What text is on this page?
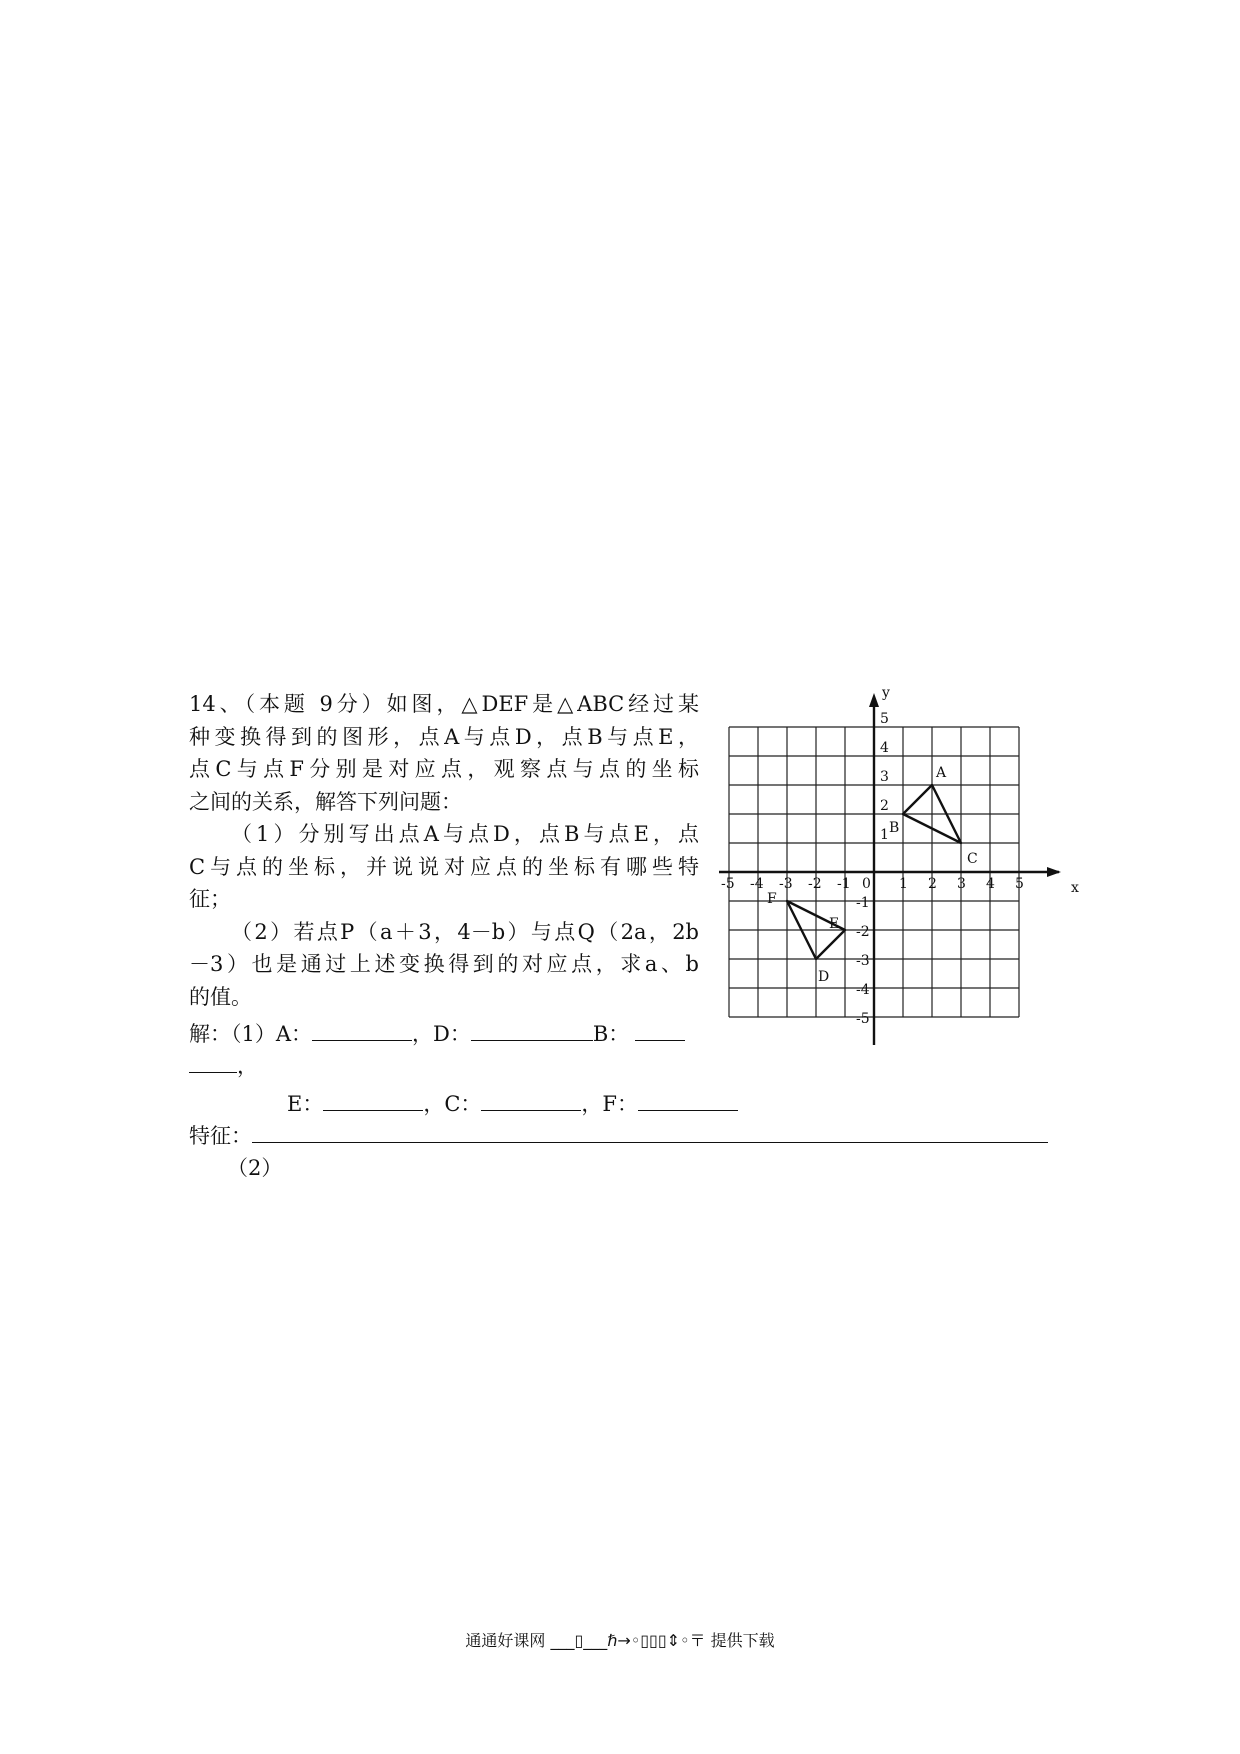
14、（本题 9分）如图，△DEF是△ABC经过某

种变换得到的图形，点A与点D，点B与点E，

点C与点F分别是对应点，观察点与点的坐标

之间的关系，解答下列问题：

（1）分别写出点A与点D，点B与点E，点

C与点的坐标，并说说对应点的坐标有哪些特

征；

（2）若点P（a＋3，4－b）与点Q（2a，2b

－3）也是通过上述变换得到的对应点，求a、b

的值。

解：（1）A：	，D：	B：
，
E：	，C：	，F：
特征：
（2）
x
y
0
-5 -4 -3 -2 -1	1 2 3 4 5
5
4
3
2
1
-1
-2
-3
-4
-5
A
B
C
D
E
F
通通好课网 ___▯___ℏ→◦▯▯▯⇕◦〒 提供下载
